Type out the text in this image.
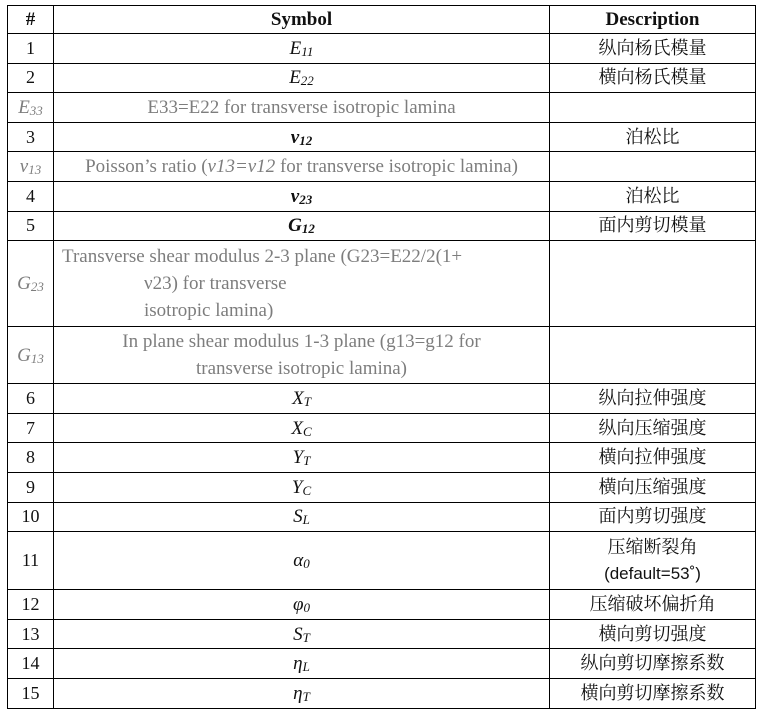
#	Symbol	Description
1	$E_{11}$	纵向杨氏模量
2	$E_{22}$	横向杨氏模量
$E_{33}$	E33=E22 for transverse isotropic lamina	
3	$\nu_{12}$	泊松比
$\nu_{13}$	Poisson’s ratio (ν13=ν12 for transverse isotropic lamina)	
4	$\nu_{23}$	泊松比
5	$G_{12}$	面内剪切模量
$G_{23}$	Transverse shear modulus 2-3 plane (G23=E22/2(1+
ν23) for transverse
isotropic lamina)	

$G_{13}$	In plane shear modulus 1-3 plane (g13=g12 for
transverse isotropic lamina)	

6	$X_T$	纵向拉伸强度
7	$X_C$	纵向压缩强度
8	$Y_T$	横向拉伸强度
9	$Y_C$	横向压缩强度
10	$S_L$	面内剪切强度
11	$\alpha_0$	压缩断裂角
(default=53˚)

12	$\varphi_0$	压缩破坏偏折角
13	$S_T$	横向剪切强度
14	$\eta_L$	纵向剪切摩擦系数
15	$\eta_T$	横向剪切摩擦系数
